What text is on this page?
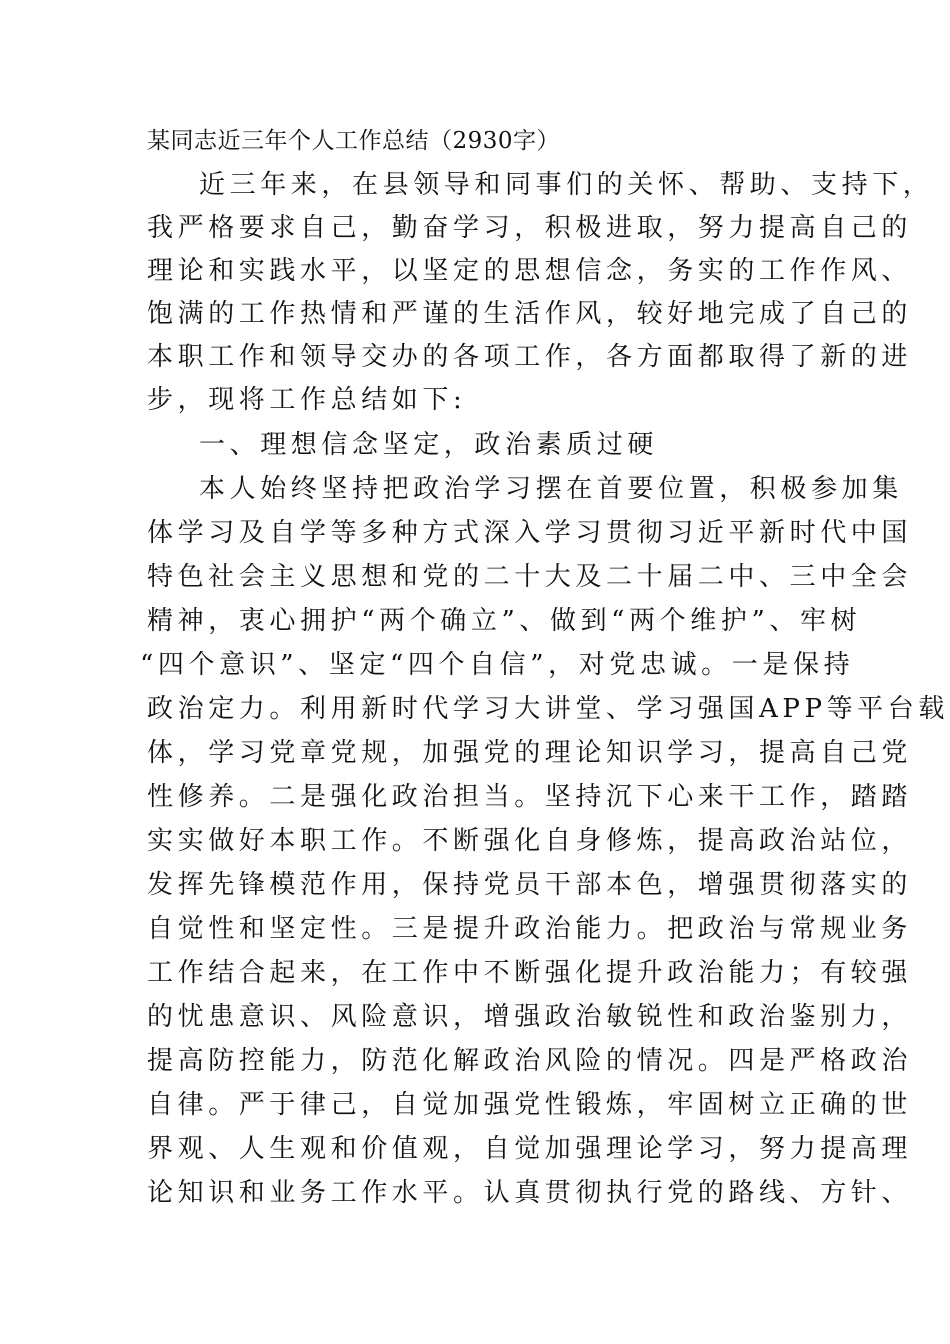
某同志近三年个人工作总结（2930字）
近三年来，在县领导和同事们的关怀、帮助、支持下，
我严格要求自己，勤奋学习，积极进取，努力提高自己的
理论和实践水平，以坚定的思想信念，务实的工作作风、
饱满的工作热情和严谨的生活作风，较好地完成了自己的
本职工作和领导交办的各项工作，各方面都取得了新的进
步，现将工作总结如下:
一、理想信念坚定，政治素质过硬
本人始终坚持把政治学习摆在首要位置，积极参加集
体学习及自学等多种方式深入学习贯彻习近平新时代中国
特色社会主义思想和党的二十大及二十届二中、三中全会
精神，衷心拥护“两个确立”、做到“两个维护”、牢树
“四个意识”、坚定“四个自信”，对党忠诚。一是保持
政治定力。利用新时代学习大讲堂、学习强国APP等平台载
体，学习党章党规，加强党的理论知识学习，提高自己党
性修养。二是强化政治担当。坚持沉下心来干工作，踏踏
实实做好本职工作。不断强化自身修炼，提高政治站位，
发挥先锋模范作用，保持党员干部本色，增强贯彻落实的
自觉性和坚定性。三是提升政治能力。把政治与常规业务
工作结合起来，在工作中不断强化提升政治能力；有较强
的忧患意识、风险意识，增强政治敏锐性和政治鉴别力，
提高防控能力，防范化解政治风险的情况。四是严格政治
自律。严于律己，自觉加强党性锻炼，牢固树立正确的世
界观、人生观和价值观，自觉加强理论学习，努力提高理
论知识和业务工作水平。认真贯彻执行党的路线、方针、
